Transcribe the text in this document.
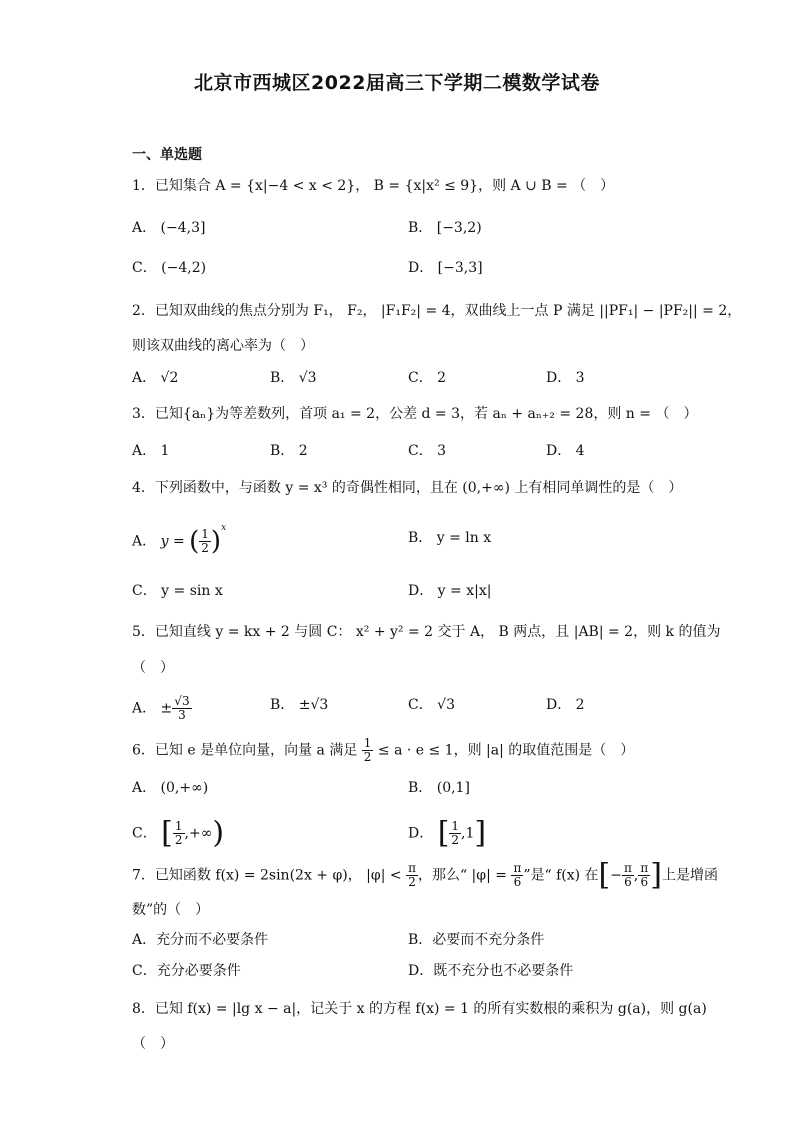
北京市西城区2022届高三下学期二模数学试卷
一、单选题
1．已知集合 A = {x|−4 < x < 2}， B = {x|x² ≤ 9}，则 A ∪ B = （　）
A． (−4,3]	B． [−3,2)
C． (−4,2)	D． [−3,3]
2．已知双曲线的焦点分别为 F₁， F₂， |F₁F₂| = 4，双曲线上一点 P 满足 ||PF₁| − |PF₂|| = 2，
则该双曲线的离心率为（　）
A． √2	B． √3	C． 2	D． 3
3．已知{aₙ}为等差数列，首项 a₁ = 2，公差 d = 3，若 aₙ + aₙ₊₂ = 28，则 n = （　）
A． 1	B． 2	C． 3	D． 4
4．下列函数中，与函数 y = x³ 的奇偶性相同，且在 (0,+∞) 上有相同单调性的是（　）
A． y = ( $\frac{1}{2} )^x$
B． y = ln x
C． y = sin x	D． y = x|x|
5．已知直线 y = kx + 2 与圆 C： x² + y² = 2 交于 A， B 两点，且 |AB| = 2，则 k 的值为
（　）
A． ± $\frac{√3}{3}$	B． ±√3	C． √3	D． 2
6．已知 e 是单位向量，向量 a 满足 $\frac{1}{2} \le a \cdot e \le 1$，则 |a| 的取值范围是（　）
A． (0,+∞)	B． (0,1]
C． [ $\frac{1}{2}$ ,+∞)	D． [ $\frac{1}{2} ,1$]
7．已知函数 f(x) = 2sin(2x + φ)， $|\varphi| < \frac{\pi}{2}$ ，那么“ $|\varphi| = \frac{\pi}{6}$ ”是“ f(x) 在[− $\frac{\pi}{6}$ , $\frac{\pi}{6}$ ]上是增函
数”的（　）
A．充分而不必要条件	B．必要而不充分条件
C．充分必要条件	D．既不充分也不必要条件
8．已知 f(x) = |lg x − a|，记关于 x 的方程 f(x) = 1 的所有实数根的乘积为 g(a)，则 g(a)
（　）
